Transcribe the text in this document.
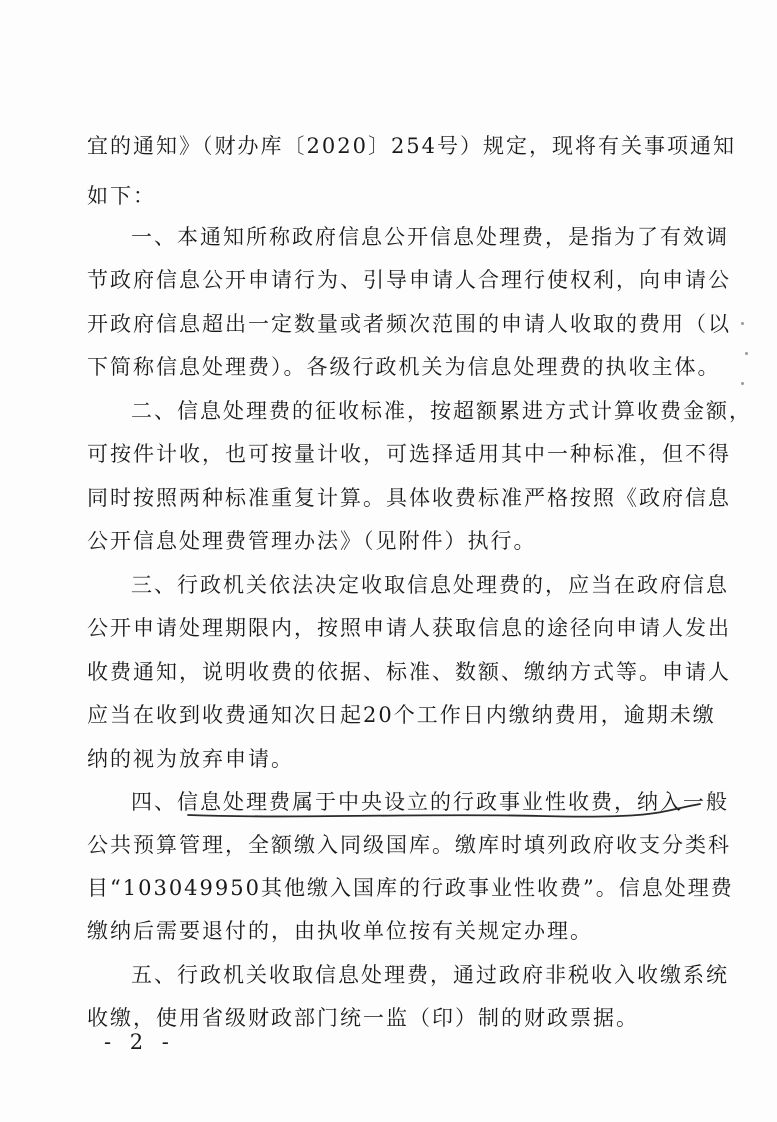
宜的通知》（财办库〔2020〕254号）规定，现将有关事项通知
如下：
一、本通知所称政府信息公开信息处理费，是指为了有效调
节政府信息公开申请行为、引导申请人合理行使权利，向申请公
开政府信息超出一定数量或者频次范围的申请人收取的费用（以
下简称信息处理费）。各级行政机关为信息处理费的执收主体。
二、信息处理费的征收标准，按超额累进方式计算收费金额，
可按件计收，也可按量计收，可选择适用其中一种标准，但不得
同时按照两种标准重复计算。具体收费标准严格按照《政府信息
公开信息处理费管理办法》（见附件）执行。
三、行政机关依法决定收取信息处理费的，应当在政府信息
公开申请处理期限内，按照申请人获取信息的途径向申请人发出
收费通知，说明收费的依据、标准、数额、缴纳方式等。申请人
应当在收到收费通知次日起20个工作日内缴纳费用，逾期未缴
纳的视为放弃申请。
四、信息处理费属于中央设立的行政事业性收费，纳入一般
公共预算管理，全额缴入同级国库。缴库时填列政府收支分类科
目“103049950其他缴入国库的行政事业性收费”。信息处理费
缴纳后需要退付的，由执收单位按有关规定办理。
五、行政机关收取信息处理费，通过政府非税收入收缴系统
收缴，使用省级财政部门统一监（印）制的财政票据。
- 2 -
